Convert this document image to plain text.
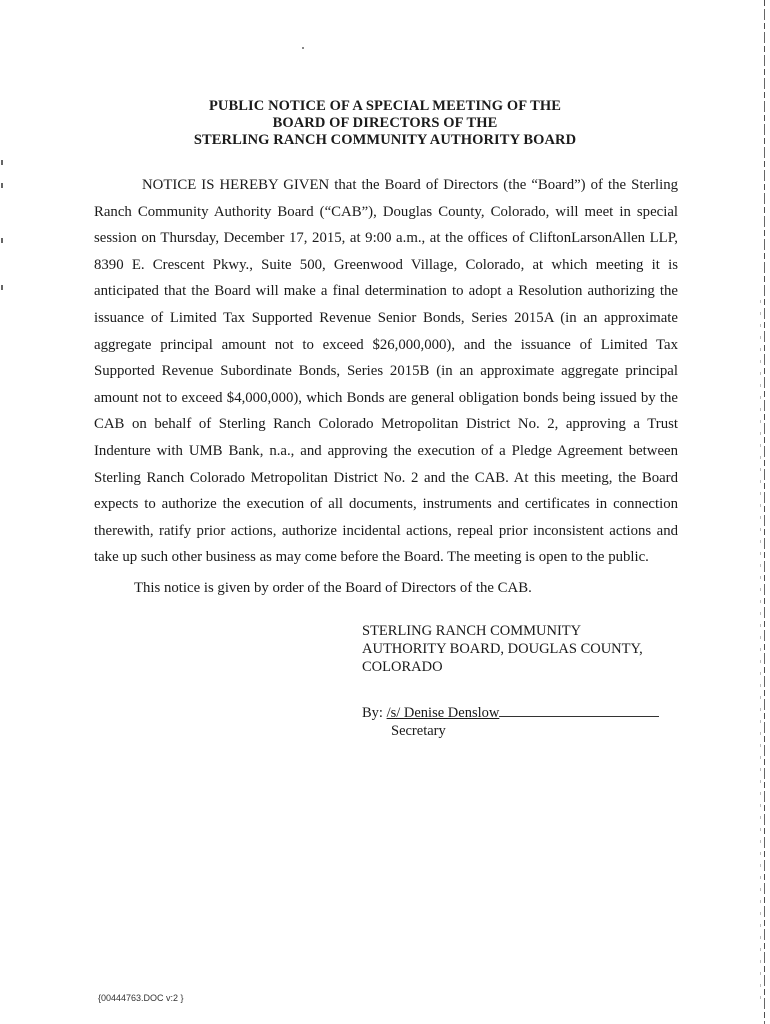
PUBLIC NOTICE OF A SPECIAL MEETING OF THE
BOARD OF DIRECTORS OF THE
STERLING RANCH COMMUNITY AUTHORITY BOARD

NOTICE IS HEREBY GIVEN that the Board of Directors (the “Board”) of the Sterling Ranch Community Authority Board (“CAB”), Douglas County, Colorado, will meet in special session on Thursday, December 17, 2015, at 9:00 a.m., at the offices of CliftonLarsonAllen LLP, 8390 E. Crescent Pkwy., Suite 500, Greenwood Village, Colorado, at which meeting it is anticipated that the Board will make a final determination to adopt a Resolution authorizing the issuance of Limited Tax Supported Revenue Senior Bonds, Series 2015A (in an approximate aggregate principal amount not to exceed $26,000,000), and the issuance of Limited Tax Supported Revenue Subordinate Bonds, Series 2015B (in an approximate aggregate principal amount not to exceed $4,000,000), which Bonds are general obligation bonds being issued by the CAB on behalf of Sterling Ranch Colorado Metropolitan District No. 2, approving a Trust Indenture with UMB Bank, n.a., and approving the execution of a Pledge Agreement between Sterling Ranch Colorado Metropolitan District No. 2 and the CAB. At this meeting, the Board expects to authorize the execution of all documents, instruments and certificates in connection therewith, ratify prior actions, authorize incidental actions, repeal prior inconsistent actions and take up such other business as may come before the Board. The meeting is open to the public.

This notice is given by order of the Board of Directors of the CAB.

STERLING RANCH COMMUNITY
AUTHORITY BOARD, DOUGLAS COUNTY,
COLORADO
By: /s/ Denise Denslow
Secretary
{00444763.DOC v:2 }
